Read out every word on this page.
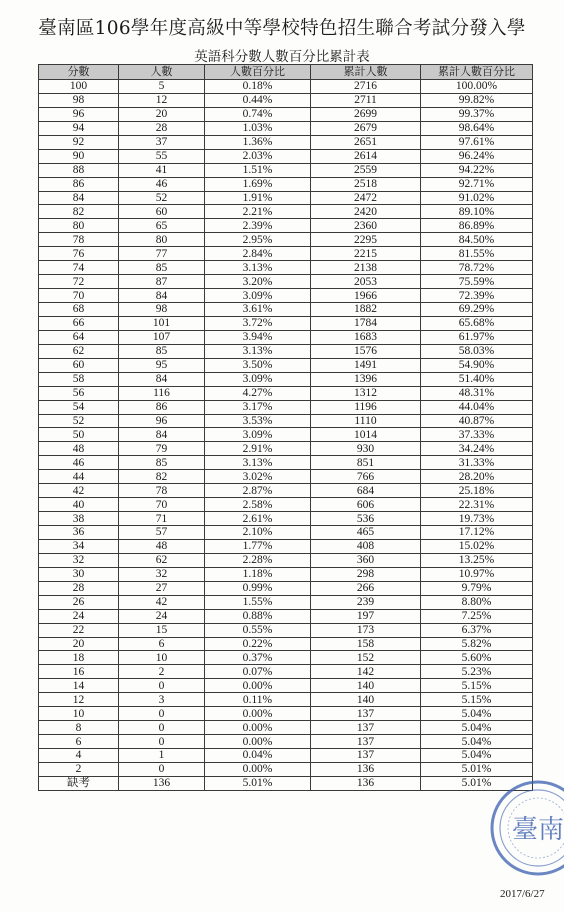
臺南區106學年度高級中等學校特色招生聯合考試分發入學
英語科分數人數百分比累計表
分數	人數	人數百分比	累計人數	累計人數百分比
100	5	0.18%	2716	100.00%
98	12	0.44%	2711	99.82%
96	20	0.74%	2699	99.37%
94	28	1.03%	2679	98.64%
92	37	1.36%	2651	97.61%
90	55	2.03%	2614	96.24%
88	41	1.51%	2559	94.22%
86	46	1.69%	2518	92.71%
84	52	1.91%	2472	91.02%
82	60	2.21%	2420	89.10%
80	65	2.39%	2360	86.89%
78	80	2.95%	2295	84.50%
76	77	2.84%	2215	81.55%
74	85	3.13%	2138	78.72%
72	87	3.20%	2053	75.59%
70	84	3.09%	1966	72.39%
68	98	3.61%	1882	69.29%
66	101	3.72%	1784	65.68%
64	107	3.94%	1683	61.97%
62	85	3.13%	1576	58.03%
60	95	3.50%	1491	54.90%
58	84	3.09%	1396	51.40%
56	116	4.27%	1312	48.31%
54	86	3.17%	1196	44.04%
52	96	3.53%	1110	40.87%
50	84	3.09%	1014	37.33%
48	79	2.91%	930	34.24%
46	85	3.13%	851	31.33%
44	82	3.02%	766	28.20%
42	78	2.87%	684	25.18%
40	70	2.58%	606	22.31%
38	71	2.61%	536	19.73%
36	57	2.10%	465	17.12%
34	48	1.77%	408	15.02%
32	62	2.28%	360	13.25%
30	32	1.18%	298	10.97%
28	27	0.99%	266	9.79%
26	42	1.55%	239	8.80%
24	24	0.88%	197	7.25%
22	15	0.55%	173	6.37%
20	6	0.22%	158	5.82%
18	10	0.37%	152	5.60%
16	2	0.07%	142	5.23%
14	0	0.00%	140	5.15%
12	3	0.11%	140	5.15%
10	0	0.00%	137	5.04%
8	0	0.00%	137	5.04%
6	0	0.00%	137	5.04%
4	1	0.04%	137	5.04%
2	0	0.00%	136	5.01%
缺考	136	5.01%	136	5.01%
臺南
2017/6/27
